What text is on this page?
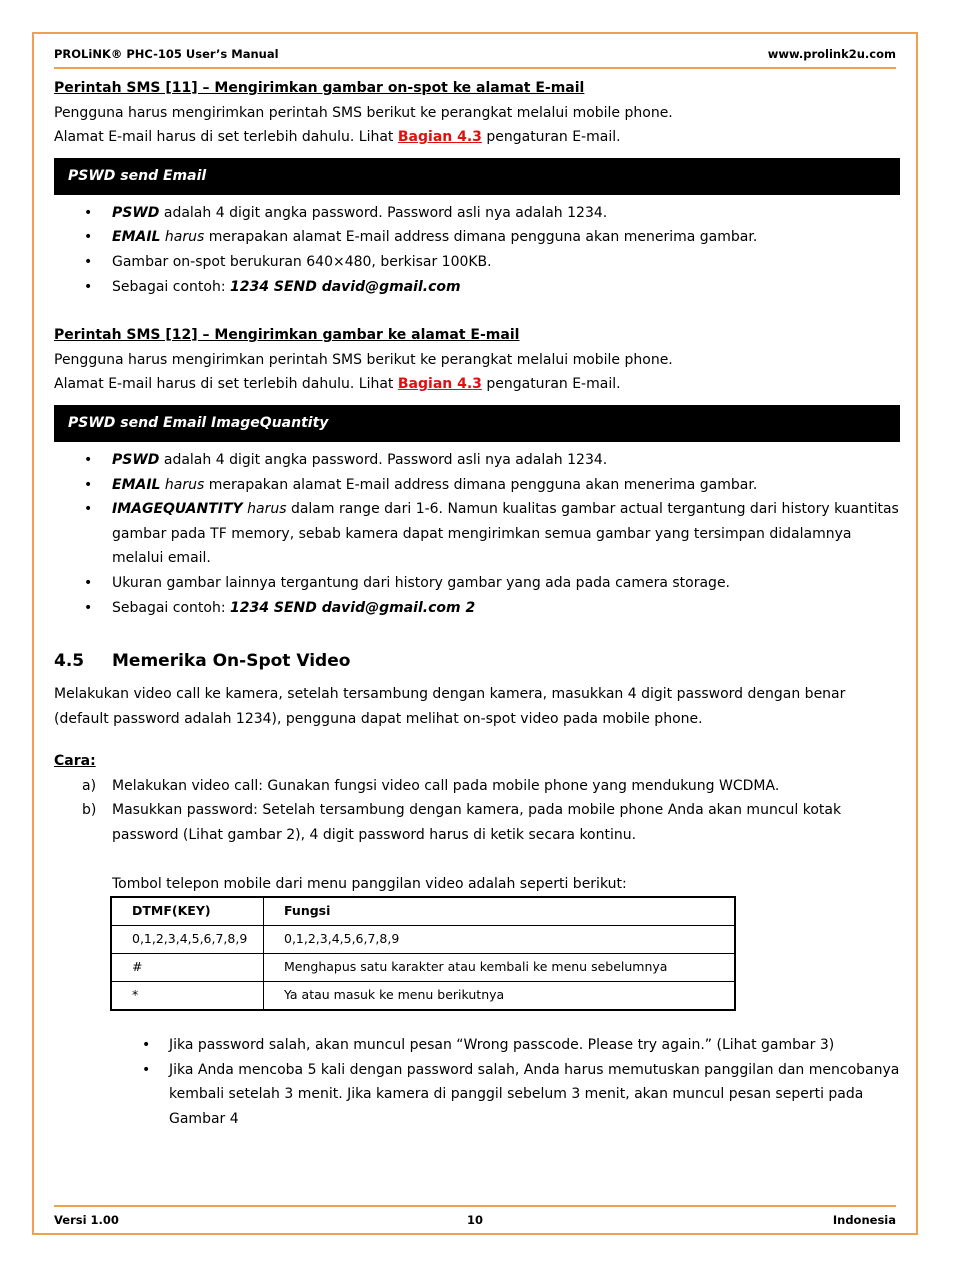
PROLiNK® PHC-105 User’s Manual	www.prolink2u.com

Perintah SMS [11] – Mengirimkan gambar on-spot ke alamat E-mail

Pengguna harus mengirimkan perintah SMS berikut ke perangkat melalui mobile phone.

Alamat E-mail harus di set terlebih dahulu. Lihat Bagian 4.3 pengaturan E-mail.

PSWD send Email
• PSWD adalah 4 digit angka password. Password asli nya adalah 1234.
• EMAIL harus merapakan alamat E-mail address dimana pengguna akan menerima gambar.
• Gambar on-spot berukuran 640×480, berkisar 100KB.
• Sebagai contoh: 1234 SEND david@gmail.com

Perintah SMS [12] – Mengirimkan gambar ke alamat E-mail

Pengguna harus mengirimkan perintah SMS berikut ke perangkat melalui mobile phone.

Alamat E-mail harus di set terlebih dahulu. Lihat Bagian 4.3 pengaturan E-mail.

PSWD send Email ImageQuantity
• PSWD adalah 4 digit angka password. Password asli nya adalah 1234.
• EMAIL harus merapakan alamat E-mail address dimana pengguna akan menerima gambar.
• IMAGEQUANTITY harus dalam range dari 1-6. Namun kualitas gambar actual tergantung dari history kuantitas gambar pada TF memory, sebab kamera dapat mengirimkan semua gambar yang tersimpan didalamnya melalui email.
• Ukuran gambar lainnya tergantung dari history gambar yang ada pada camera storage.
• Sebagai contoh: 1234 SEND david@gmail.com 2
4.5 Memerika On-Spot Video

Melakukan video call ke kamera, setelah tersambung dengan kamera, masukkan 4 digit password dengan benar (default password adalah 1234), pengguna dapat melihat on-spot video pada mobile phone.

Cara:

a) Melakukan video call: Gunakan fungsi video call pada mobile phone yang mendukung WCDMA.
b) Masukkan password: Setelah tersambung dengan kamera, pada mobile phone Anda akan muncul kotak password (Lihat gambar 2), 4 digit password harus di ketik secara kontinu.

Tombol telepon mobile dari menu panggilan video adalah seperti berikut:

DTMF(KEY)	Fungsi
0,1,2,3,4,5,6,7,8,9	0,1,2,3,4,5,6,7,8,9
#	Menghapus satu karakter atau kembali ke menu sebelumnya
*	Ya atau masuk ke menu berikutnya
• Jika password salah, akan muncul pesan “Wrong passcode. Please try again.” (Lihat gambar 3)
• Jika Anda mencoba 5 kali dengan password salah, Anda harus memutuskan panggilan dan mencobanya kembali setelah 3 menit. Jika kamera di panggil sebelum 3 menit, akan muncul pesan seperti pada Gambar 4
Versi 1.00	10	Indonesia
